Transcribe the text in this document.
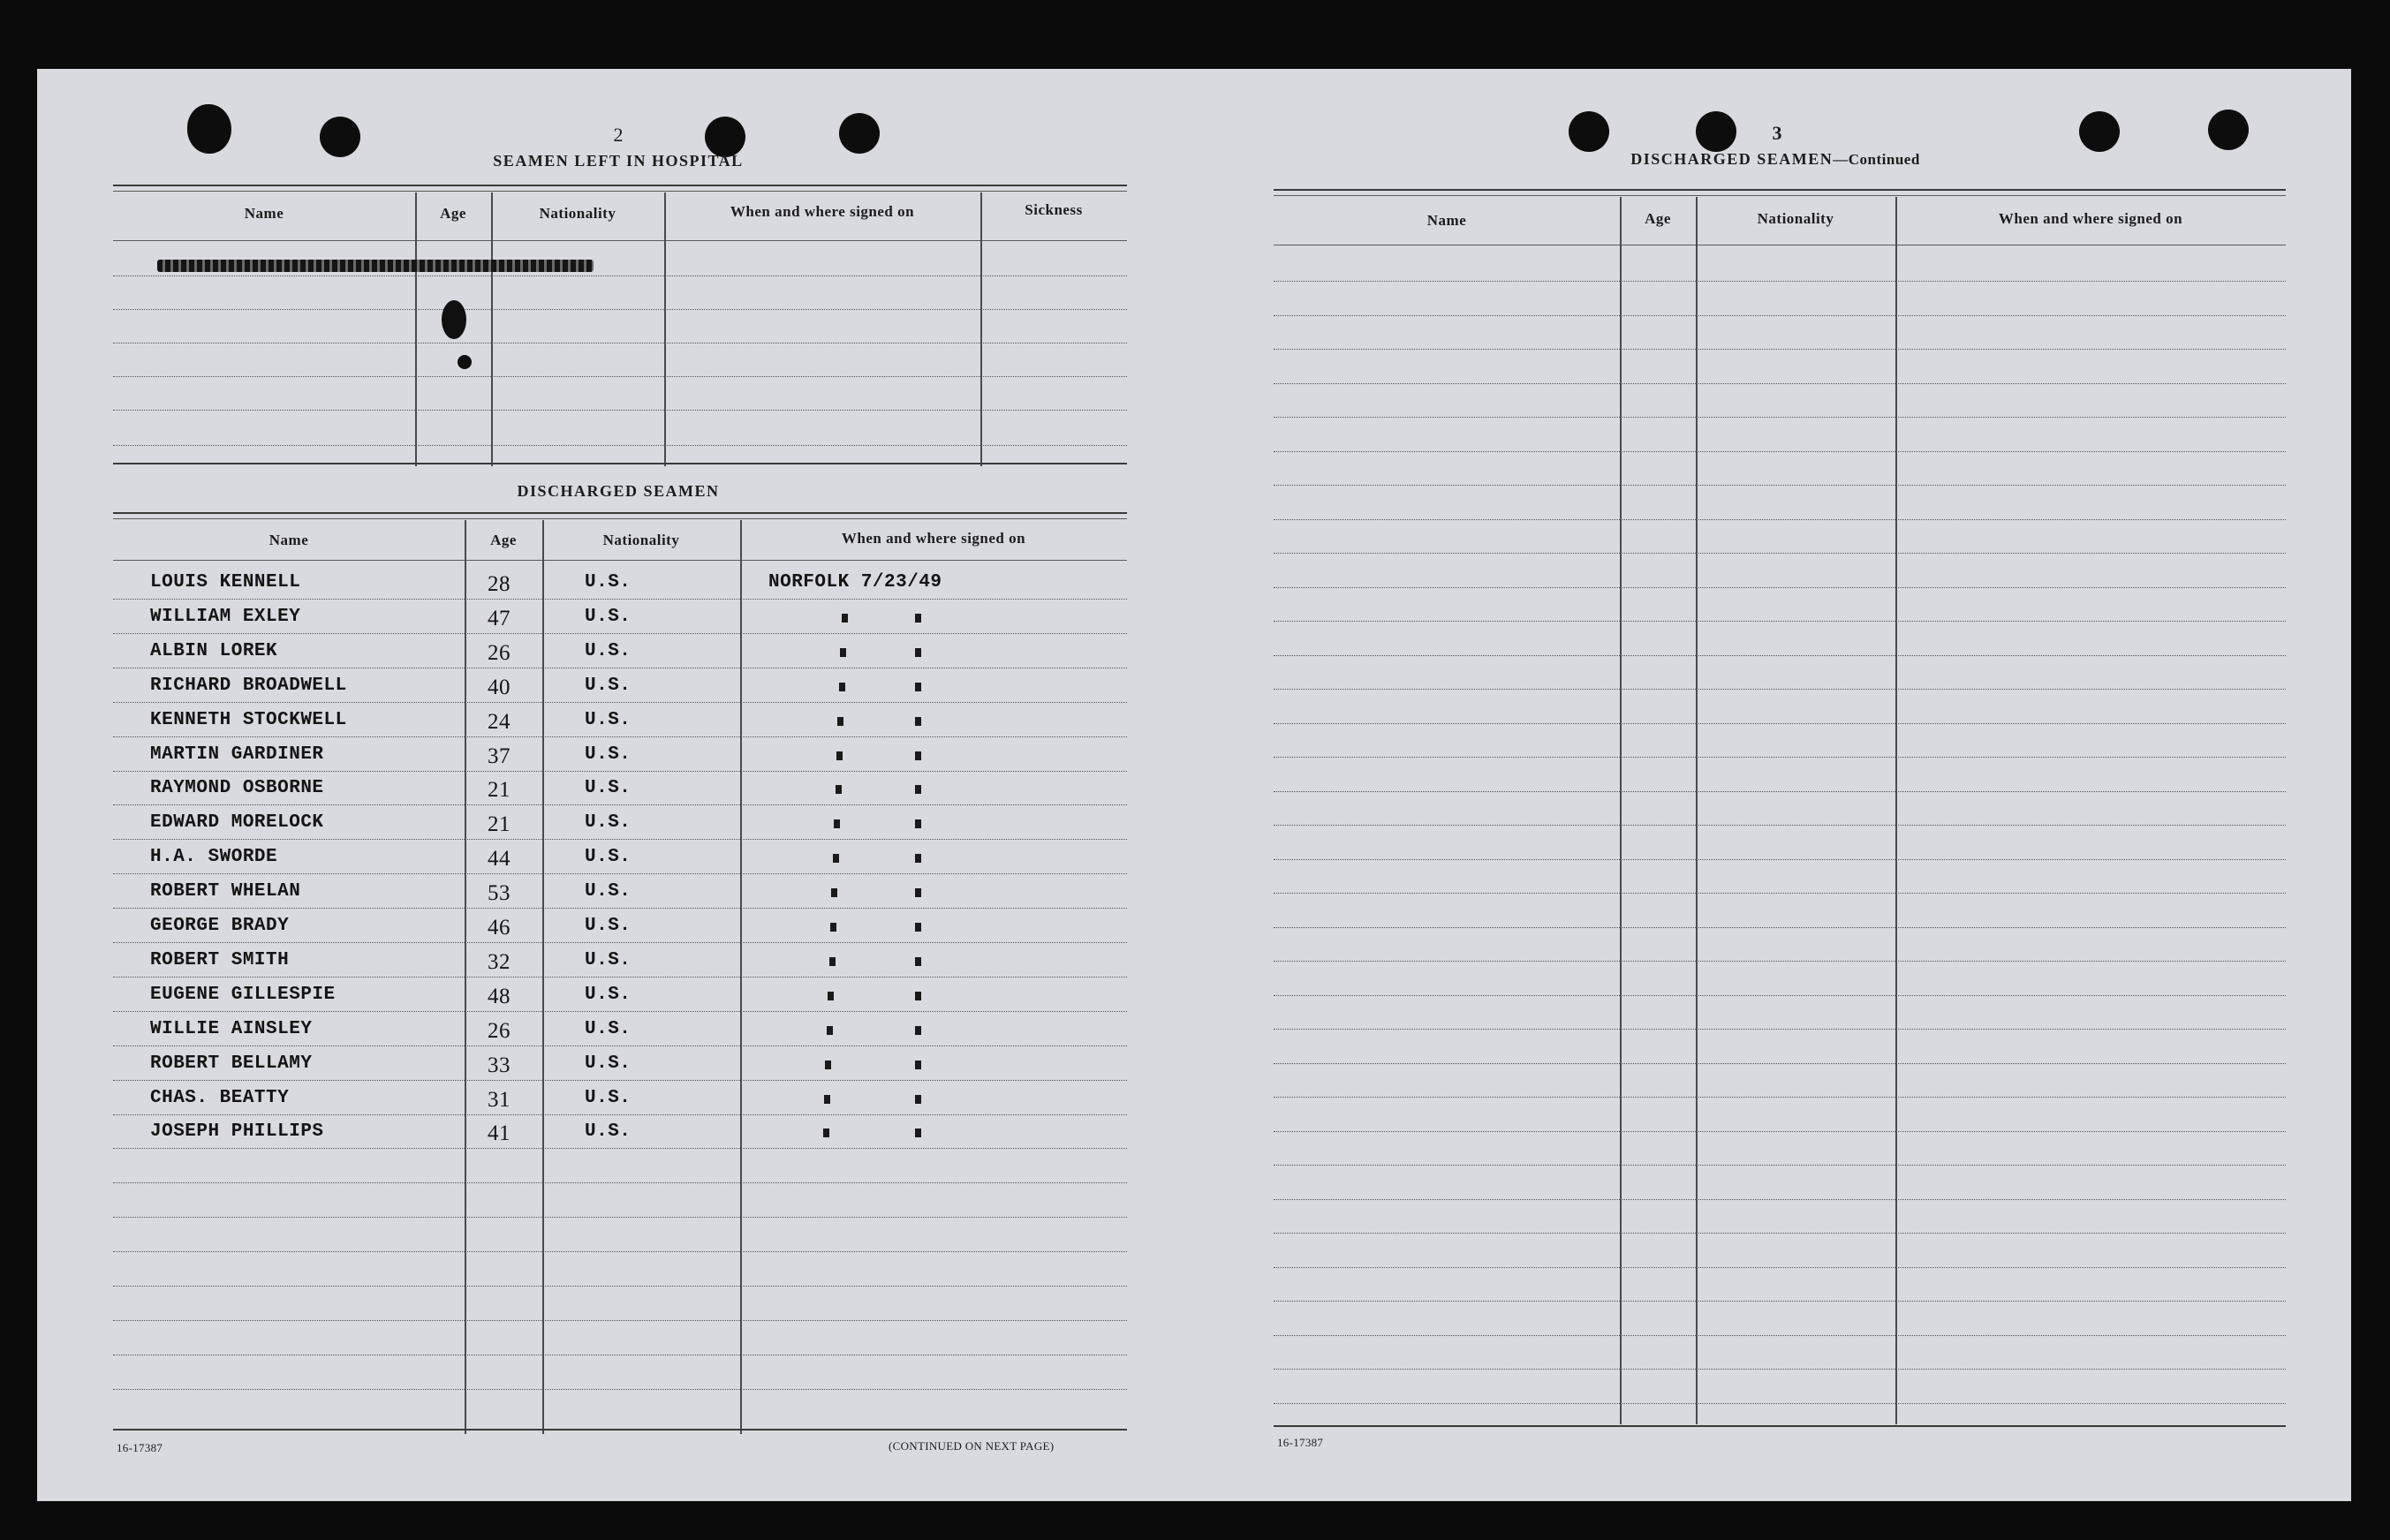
2
SEAMEN LEFT IN HOSPITAL
Name	Age	Nationality	When and where signed on	Sickness
DISCHARGED SEAMEN
Name	Age	Nationality	When and where signed on
LOUIS KENNELL	28	U.S.	NORFOLK 7/23/49
WILLIAM EXLEY	47	U.S.
ALBIN LOREK	26	U.S.
RICHARD BROADWELL	40	U.S.
KENNETH STOCKWELL	24	U.S.
MARTIN GARDINER	37	U.S.
RAYMOND OSBORNE	21	U.S.
EDWARD MORELOCK	21	U.S.
H.A. SWORDE	44	U.S.
ROBERT WHELAN	53	U.S.
GEORGE BRADY	46	U.S.
ROBERT SMITH	32	U.S.
EUGENE GILLESPIE	48	U.S.
WILLIE AINSLEY	26	U.S.
ROBERT BELLAMY	33	U.S.
CHAS. BEATTY	31	U.S.
JOSEPH PHILLIPS	41	U.S.
16-17387	(CONTINUED ON NEXT PAGE)
3
DISCHARGED SEAMEN—Continued
Name	Age	Nationality	When and where signed on
16-17387
